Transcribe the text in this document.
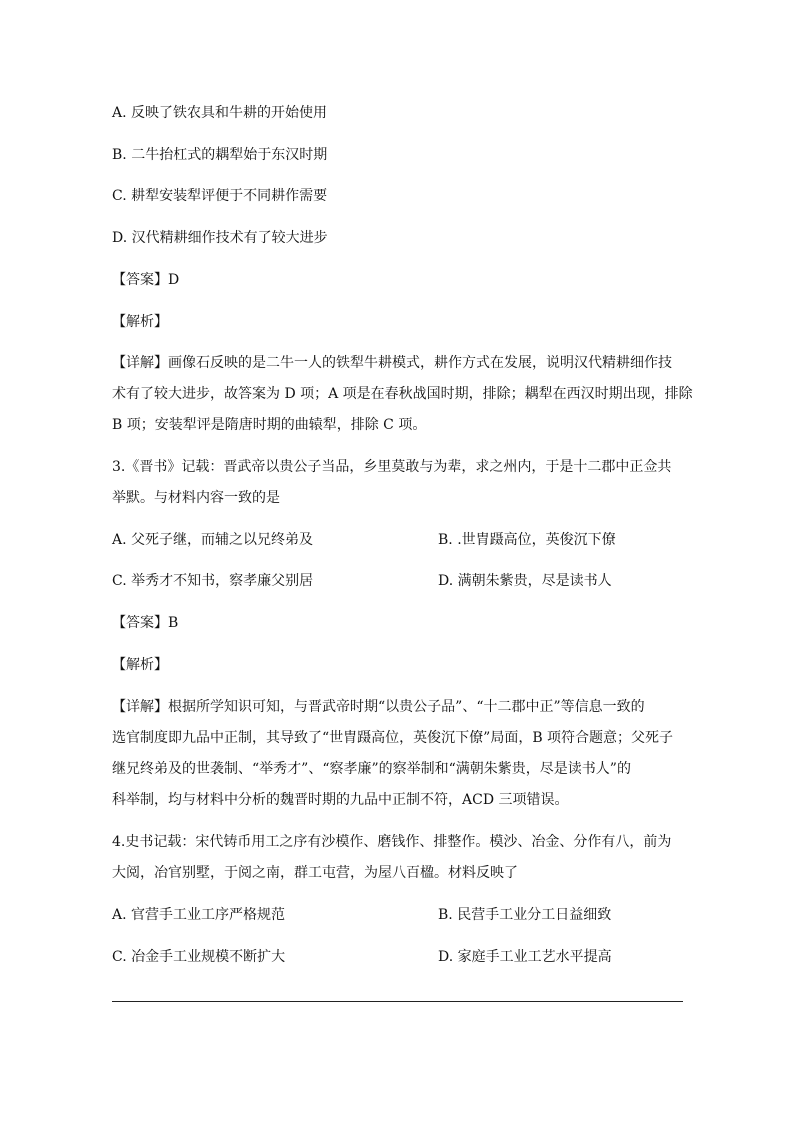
A. 反映了铁农具和牛耕的开始使用
B. 二牛抬杠式的耦犁始于东汉时期
C. 耕犁安装犁评便于不同耕作需要
D. 汉代精耕细作技术有了较大进步
【答案】D
【解析】
【详解】画像石反映的是二牛一人的铁犁牛耕模式，耕作方式在发展，说明汉代精耕细作技
术有了较大进步，故答案为 D 项；A 项是在春秋战国时期，排除；耦犁在西汉时期出现，排除
B 项；安装犁评是隋唐时期的曲辕犁，排除 C 项。
3.《晋书》记载：晋武帝以贵公子当品，乡里莫敢与为辈，求之州内，于是十二郡中正佥共
举默。与材料内容一致的是
A. 父死子继，而辅之以兄终弟及	B. .世胄蹑高位，英俊沉下僚
C. 举秀才不知书，察孝廉父别居	D. 满朝朱紫贵，尽是读书人
【答案】B
【解析】
【详解】根据所学知识可知，与晋武帝时期“以贵公子品”、“十二郡中正”等信息一致的
选官制度即九品中正制，其导致了“世胄蹑高位，英俊沉下僚”局面，B 项符合题意；父死子
继兄终弟及的世袭制、“举秀才”、“察孝廉”的察举制和“满朝朱紫贵，尽是读书人”的
科举制，均与材料中分析的魏晋时期的九品中正制不符，ACD 三项错误。
4.史书记载：宋代铸币用工之序有沙模作、磨钱作、排整作。模沙、冶金、分作有八，前为
大阅，冶官别墅，于阅之南，群工屯营，为屋八百楹。材料反映了
A. 官营手工业工序严格规范	B. 民营手工业分工日益细致
C. 冶金手工业规模不断扩大	D. 家庭手工业工艺水平提高
